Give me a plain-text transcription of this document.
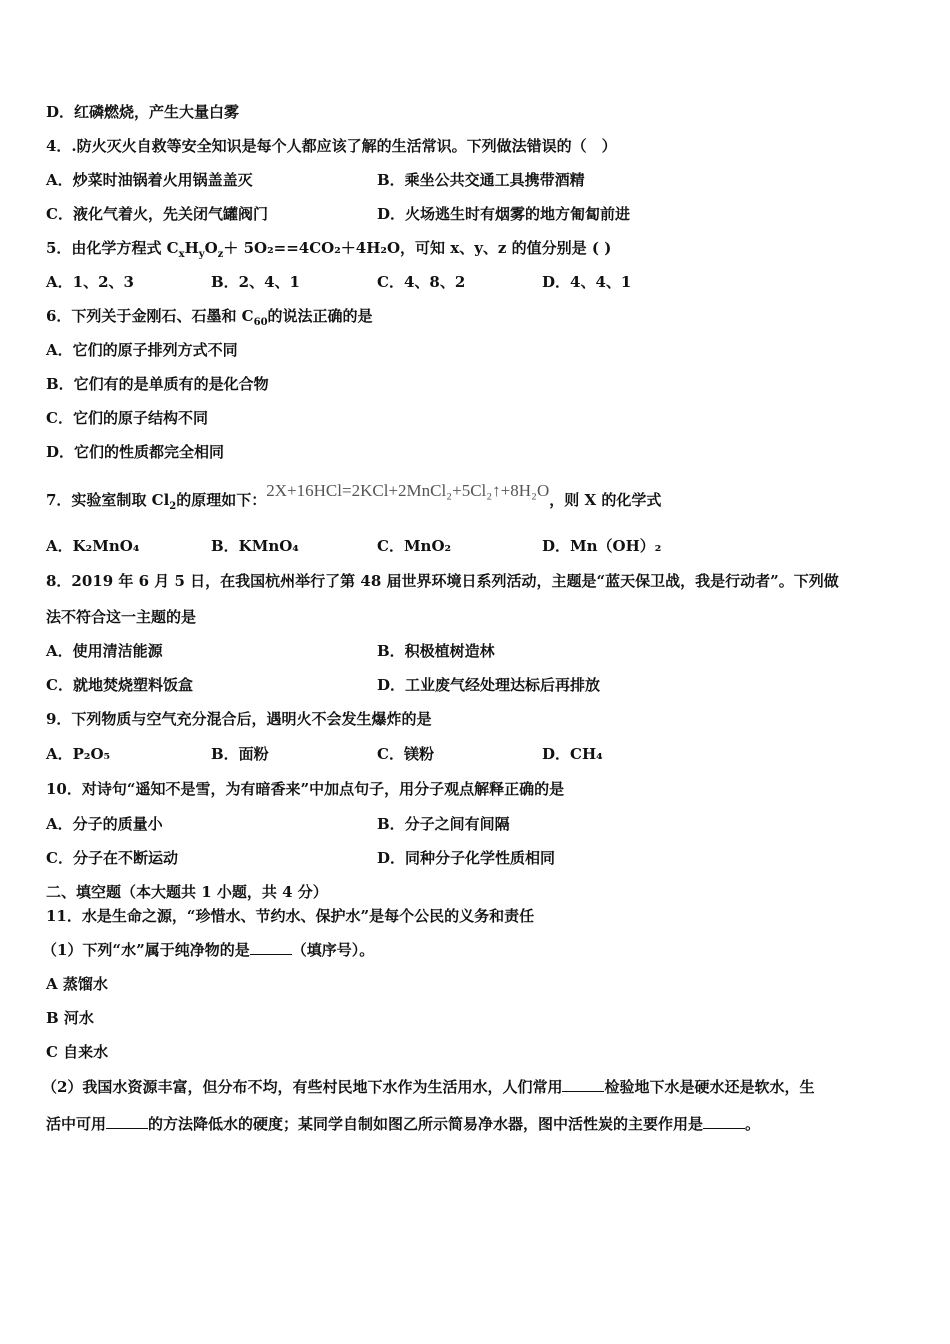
D．红磷燃烧，产生大量白雾
4．.防火灭火自救等安全知识是每个人都应该了解的生活常识。下列做法错误的（　）
A．炒菜时油锅着火用锅盖盖灭	B．乘坐公共交通工具携带酒精
C．液化气着火，先关闭气罐阀门	D．火场逃生时有烟雾的地方匍匐前进
5．由化学方程式 $C_xH_yO_z+ 5O_2==4CO_2+4H_2O$，可知 x、y、z 的值分别是 ( )
A．1、2、3	B．2、4、1	C．4、8、2	D．4、4、1
6．下列关于金刚石、石墨和 $C_{60}$的说法正确的是
A．它们的原子排列方式不同
B．它们有的是单质有的是化合物
C．它们的原子结构不同
D．它们的性质都完全相同
7．实验室制取 $Cl_2$的原理如下：2X+16HCl=2KCl+2MnCl₂+5Cl₂↑+8H₂O，则 X 的化学式
A．K₂MnO₄	B．KMnO₄	C．MnO₂	D．Mn（OH）₂
8．2019 年 6 月 5 日，在我国杭州举行了第 48 届世界环境日系列活动，主题是“蓝天保卫战，我是行动者”。下列做
法不符合这一主题的是
A．使用清洁能源	B．积极植树造林
C．就地焚烧塑料饭盒	D．工业废气经处理达标后再排放
9．下列物质与空气充分混合后，遇明火不会发生爆炸的是
A．P₂O₅	B．面粉	C．镁粉	D．CH₄
10．对诗句“遥知不是雪，为有暗香来”中加点句子，用分子观点解释正确的是
A．分子的质量小	B．分子之间有间隔
C．分子在不断运动	D．同种分子化学性质相同
二、填空题（本大题共 1 小题，共 4 分）
11．水是生命之源，“珍惜水、节约水、保护水”是每个公民的义务和责任
（1）下列“水”属于纯净物的是	（填序号）。
A 蒸馏水
B 河水
C 自来水
（2）我国水资源丰富，但分布不均，有些村民地下水作为生活用水，人们常用	检验地下水是硬水还是软水，生
活中可用	的方法降低水的硬度；某同学自制如图乙所示简易净水器，图中活性炭的主要作用是	。
